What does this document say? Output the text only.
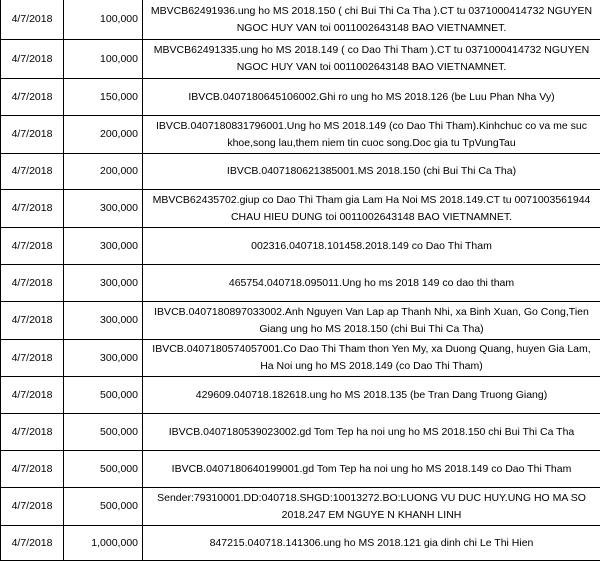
4/7/2018	100,000	MBVCB62491936.ung ho MS 2018.150 ( chi Bui Thi Ca Tha ).CT tu 0371000414732 NGUYEN NGOC HUY VAN toi 0011002643148 BAO VIETNAMNET.
4/7/2018	100,000	MBVCB62491335.ung ho MS 2018.149 ( co Dao Thi Tham ).CT tu 0371000414732 NGUYEN NGOC HUY VAN toi 0011002643148 BAO VIETNAMNET.
4/7/2018	150,000	IBVCB.0407180645106002.Ghi ro ung ho MS 2018.126 (be Luu Phan Nha Vy)
4/7/2018	200,000	IBVCB.0407180831796001.Ung ho MS 2018.149 (co Dao Thi Tham).Kinhchuc co va me suc khoe,song lau,them niem tin cuoc song.Doc gia tu TpVungTau
4/7/2018	200,000	IBVCB.0407180621385001.MS 2018.150 (chi Bui Thi Ca Tha)
4/7/2018	300,000	MBVCB62435702.giup co Dao Thi Tham gia Lam Ha Noi MS 2018.149.CT tu 0071003561944 CHAU HIEU DUNG toi 0011002643148 BAO VIETNAMNET.
4/7/2018	300,000	002316.040718.101458.2018.149 co Dao Thi Tham
4/7/2018	300,000	465754.040718.095011.Ung ho ms 2018 149 co dao thi tham
4/7/2018	300,000	IBVCB.0407180897033002.Anh Nguyen Van Lap ap Thanh Nhi, xa Binh Xuan, Go Cong,Tien Giang ung ho MS 2018.150 (chi Bui Thi Ca Tha)
4/7/2018	300,000	IBVCB.0407180574057001.Co Dao Thi Tham thon Yen My, xa Duong Quang, huyen Gia Lam, Ha Noi ung ho MS 2018.149 (co Dao Thi Tham)
4/7/2018	500,000	429609.040718.182618.ung ho MS 2018.135 (be Tran Dang Truong Giang)
4/7/2018	500,000	IBVCB.0407180539023002.gd Tom Tep ha noi ung ho MS 2018.150 chi Bui Thi Ca Tha
4/7/2018	500,000	IBVCB.0407180640199001.gd Tom Tep ha noi ung ho MS 2018.149 co Dao Thi Tham
4/7/2018	500,000	Sender:79310001.DD:040718.SHGD:10013272.BO:LUONG VU DUC HUY.UNG HO MA SO 2018.247 EM NGUYE N KHANH LINH
4/7/2018	1,000,000	847215.040718.141306.ung ho MS 2018.121 gia dinh chi Le Thi Hien
